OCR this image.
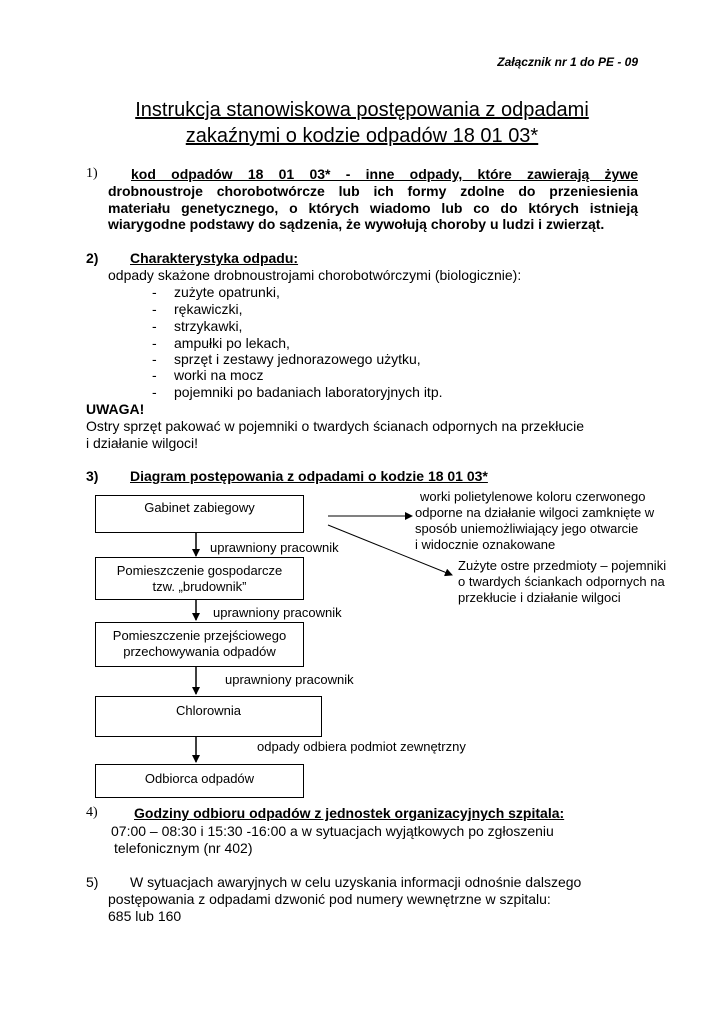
Załącznik nr 1 do PE - 09
Instrukcja stanowiskowa postępowania z odpadami
zakaźnymi o kodzie odpadów 18 01 03*
1)	kod odpadów 18 01 03* - inne odpady, które zawierają żywe
drobnoustroje chorobotwórcze lub ich formy zdolne do przeniesienia
materiału genetycznego, o których wiadomo lub co do których istnieją
wiarygodne podstawy do sądzenia, że wywołują choroby u ludzi i zwierząt.
2) Charakterystyka odpadu:
odpady skażone drobnoustrojami chorobotwórczymi (biologicznie):
- zużyte opatrunki,
- rękawiczki,
- strzykawki,
- ampułki po lekach,
- sprzęt i zestawy jednorazowego użytku,
- worki na mocz
- pojemniki po badaniach laboratoryjnych itp.
UWAGA!
Ostry sprzęt pakować w pojemniki o twardych ścianach odpornych na przekłucie
i działanie wilgoci!
3) Diagram postępowania z odpadami o kodzie 18 01 03*
Gabinet zabiegowy
Pomieszczenie gospodarcze
tzw. „brudownik”
Pomieszczenie przejściowego
przechowywania odpadów
Chlorownia
Odbiorca odpadów
uprawniony pracownik
uprawniony pracownik
uprawniony pracownik
odpady odbiera podmiot zewnętrzny
worki polietylenowe koloru czerwonego
odporne na działanie wilgoci zamknięte w
sposób uniemożliwiający jego otwarcie
i widocznie oznakowane
Zużyte ostre przedmioty – pojemniki
o twardych ściankach odpornych na
przekłucie i działanie wilgoci
4)	Godziny odbioru odpadów z jednostek organizacyjnych szpitala:
07:00 – 08:30 i 15:30 -16:00 a w sytuacjach wyjątkowych po zgłoszeniu
telefonicznym (nr 402)
5) W sytuacjach awaryjnych w celu uzyskania informacji odnośnie dalszego
postępowania z odpadami dzwonić pod numery wewnętrzne w szpitalu:
685 lub 160
